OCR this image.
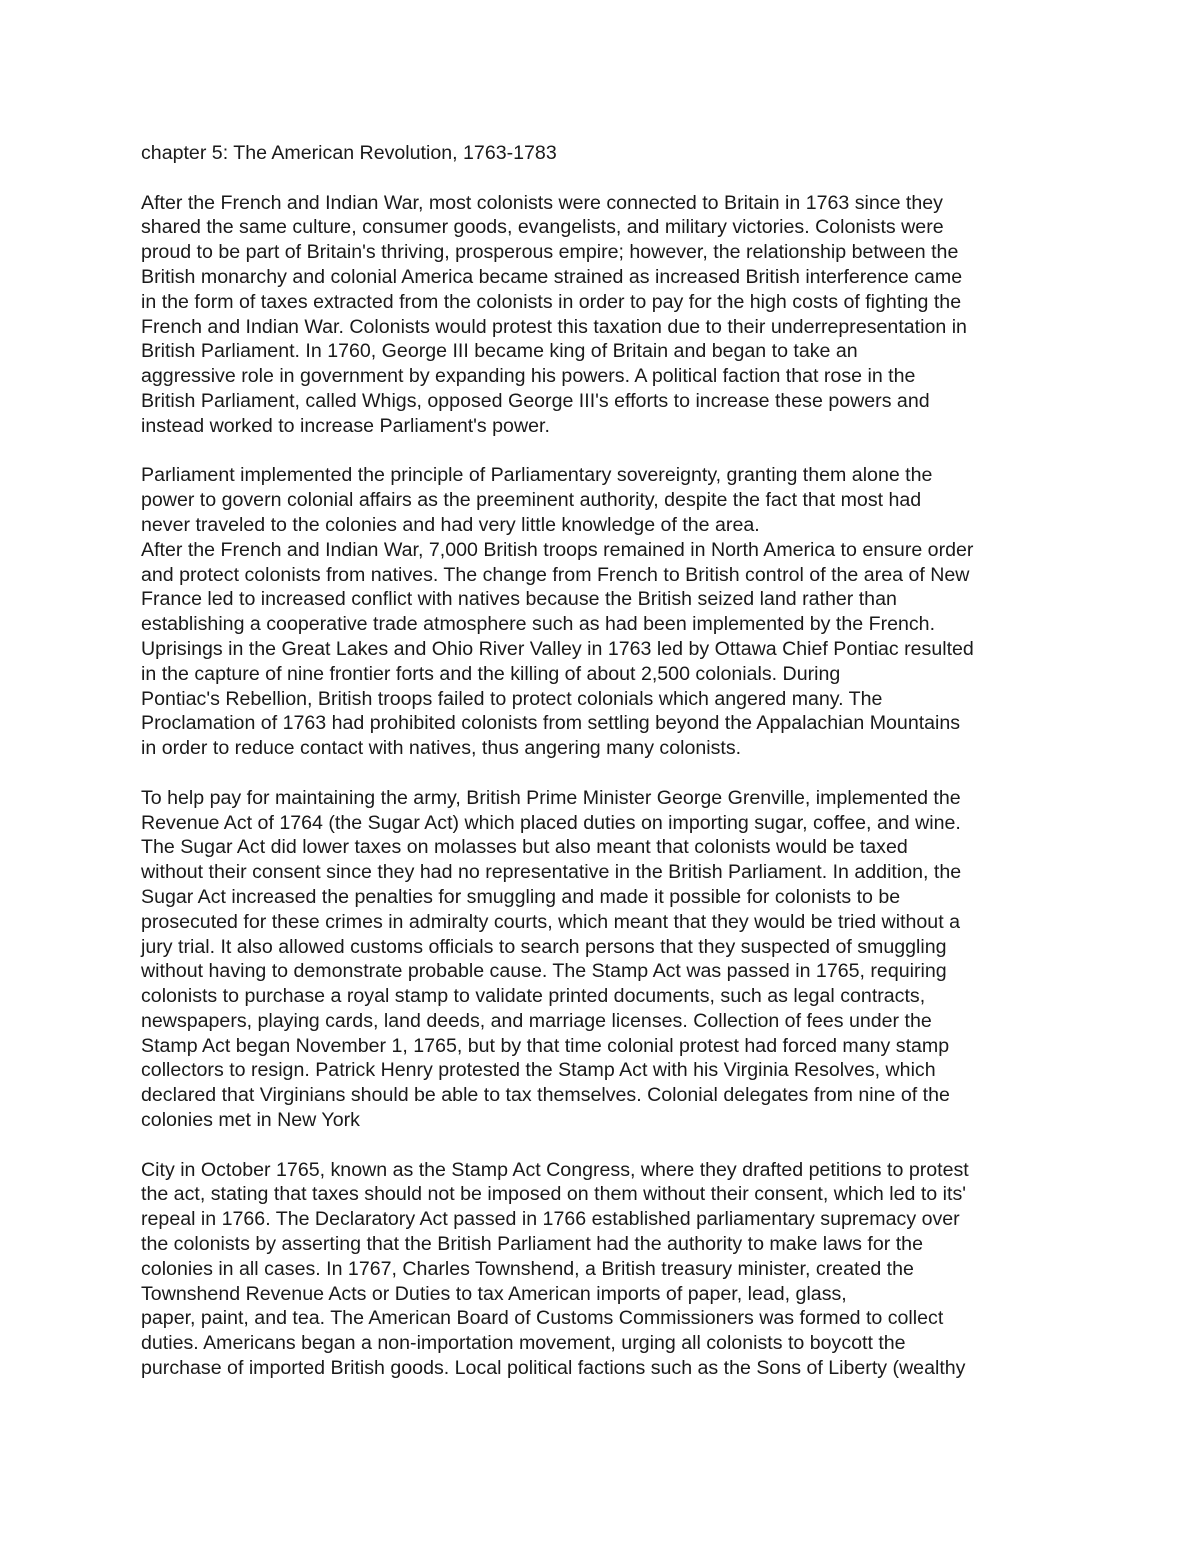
chapter 5: The American Revolution, 1763-1783
After the French and Indian War, most colonists were connected to Britain in 1763 since they
shared the same culture, consumer goods, evangelists, and military victories. Colonists were
proud to be part of Britain's thriving, prosperous empire; however, the relationship between the
British monarchy and colonial America became strained as increased British interference came
in the form of taxes extracted from the colonists in order to pay for the high costs of fighting the
French and Indian War. Colonists would protest this taxation due to their underrepresentation in
British Parliament. In 1760, George III became king of Britain and began to take an
aggressive role in government by expanding his powers. A political faction that rose in the
British Parliament, called Whigs, opposed George III's efforts to increase these powers and
instead worked to increase Parliament's power.
Parliament implemented the principle of Parliamentary sovereignty, granting them alone the
power to govern colonial affairs as the preeminent authority, despite the fact that most had
never traveled to the colonies and had very little knowledge of the area.
After the French and Indian War, 7,000 British troops remained in North America to ensure order
and protect colonists from natives. The change from French to British control of the area of New
France led to increased conflict with natives because the British seized land rather than
establishing a cooperative trade atmosphere such as had been implemented by the French.
Uprisings in the Great Lakes and Ohio River Valley in 1763 led by Ottawa Chief Pontiac resulted
in the capture of nine frontier forts and the killing of about 2,500 colonials. During
Pontiac's Rebellion, British troops failed to protect colonials which angered many. The
Proclamation of 1763 had prohibited colonists from settling beyond the Appalachian Mountains
in order to reduce contact with natives, thus angering many colonists.
To help pay for maintaining the army, British Prime Minister George Grenville, implemented the
Revenue Act of 1764 (the Sugar Act) which placed duties on importing sugar, coffee, and wine.
The Sugar Act did lower taxes on molasses but also meant that colonists would be taxed
without their consent since they had no representative in the British Parliament. In addition, the
Sugar Act increased the penalties for smuggling and made it possible for colonists to be
prosecuted for these crimes in admiralty courts, which meant that they would be tried without a
jury trial. It also allowed customs officials to search persons that they suspected of smuggling
without having to demonstrate probable cause. The Stamp Act was passed in 1765, requiring
colonists to purchase a royal stamp to validate printed documents, such as legal contracts,
newspapers, playing cards, land deeds, and marriage licenses. Collection of fees under the
Stamp Act began November 1, 1765, but by that time colonial protest had forced many stamp
collectors to resign. Patrick Henry protested the Stamp Act with his Virginia Resolves, which
declared that Virginians should be able to tax themselves. Colonial delegates from nine of the
colonies met in New York
City in October 1765, known as the Stamp Act Congress, where they drafted petitions to protest
the act, stating that taxes should not be imposed on them without their consent, which led to its'
repeal in 1766. The Declaratory Act passed in 1766 established parliamentary supremacy over
the colonists by asserting that the British Parliament had the authority to make laws for the
colonies in all cases. In 1767, Charles Townshend, a British treasury minister, created the
Townshend Revenue Acts or Duties to tax American imports of paper, lead, glass,
paper, paint, and tea. The American Board of Customs Commissioners was formed to collect
duties. Americans began a non-importation movement, urging all colonists to boycott the
purchase of imported British goods. Local political factions such as the Sons of Liberty (wealthy
